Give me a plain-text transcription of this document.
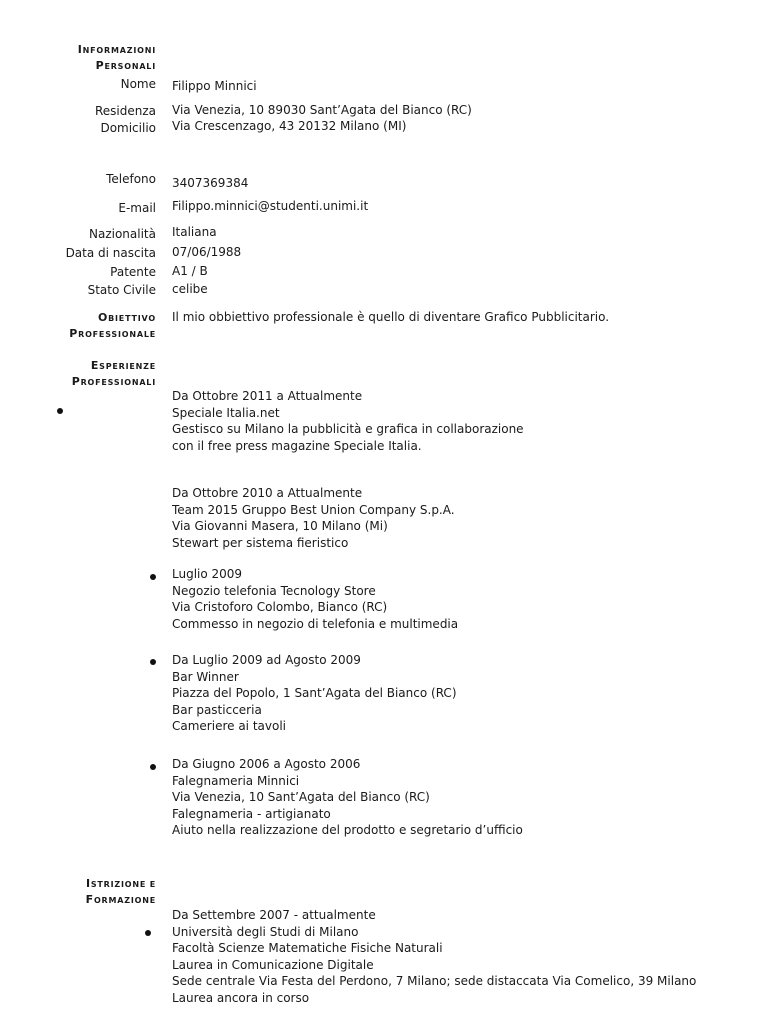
INFORMAZIONI
PERSONALI
Nome Filippo Minnici
Residenza Via Venezia, 10 89030 Sant’Agata del Bianco (RC)
Domicilio Via Crescenzago, 43 20132 Milano (MI)
Telefono 3407369384
E-mail Filippo.minnici@studenti.unimi.it
Nazionalità Italiana
Data di nascita 07/06/1988
Patente A1 / B
Stato Civile celibe
OBIETTIVO
PROFESSIONALE
Il mio obbiettivo professionale è quello di diventare Grafico Pubblicitario.
ESPERIENZE
PROFESSIONALI
Da Ottobre 2011 a Attualmente
Speciale Italia.net
Gestisco su Milano la pubblicità e grafica in collaborazione
con il free press magazine Speciale Italia.
Da Ottobre 2010 a Attualmente
Team 2015 Gruppo Best Union Company S.p.A.
Via Giovanni Masera, 10 Milano (Mi)
Stewart per sistema fieristico
Luglio 2009
Negozio telefonia Tecnology Store
Via Cristoforo Colombo, Bianco (RC)
Commesso in negozio di telefonia e multimedia
Da Luglio 2009 ad Agosto 2009
Bar Winner
Piazza del Popolo, 1 Sant’Agata del Bianco (RC)
Bar pasticceria
Cameriere ai tavoli
Da Giugno 2006 a Agosto 2006
Falegnameria Minnici
Via Venezia, 10 Sant’Agata del Bianco (RC)
Falegnameria - artigianato
Aiuto nella realizzazione del prodotto e segretario d’ufficio
ISTRIZIONE E
FORMAZIONE
Da Settembre 2007 - attualmente
Università degli Studi di Milano
Facoltà Scienze Matematiche Fisiche Naturali
Laurea in Comunicazione Digitale
Sede centrale Via Festa del Perdono, 7 Milano; sede distaccata Via Comelico, 39 Milano
Laurea ancora in corso
